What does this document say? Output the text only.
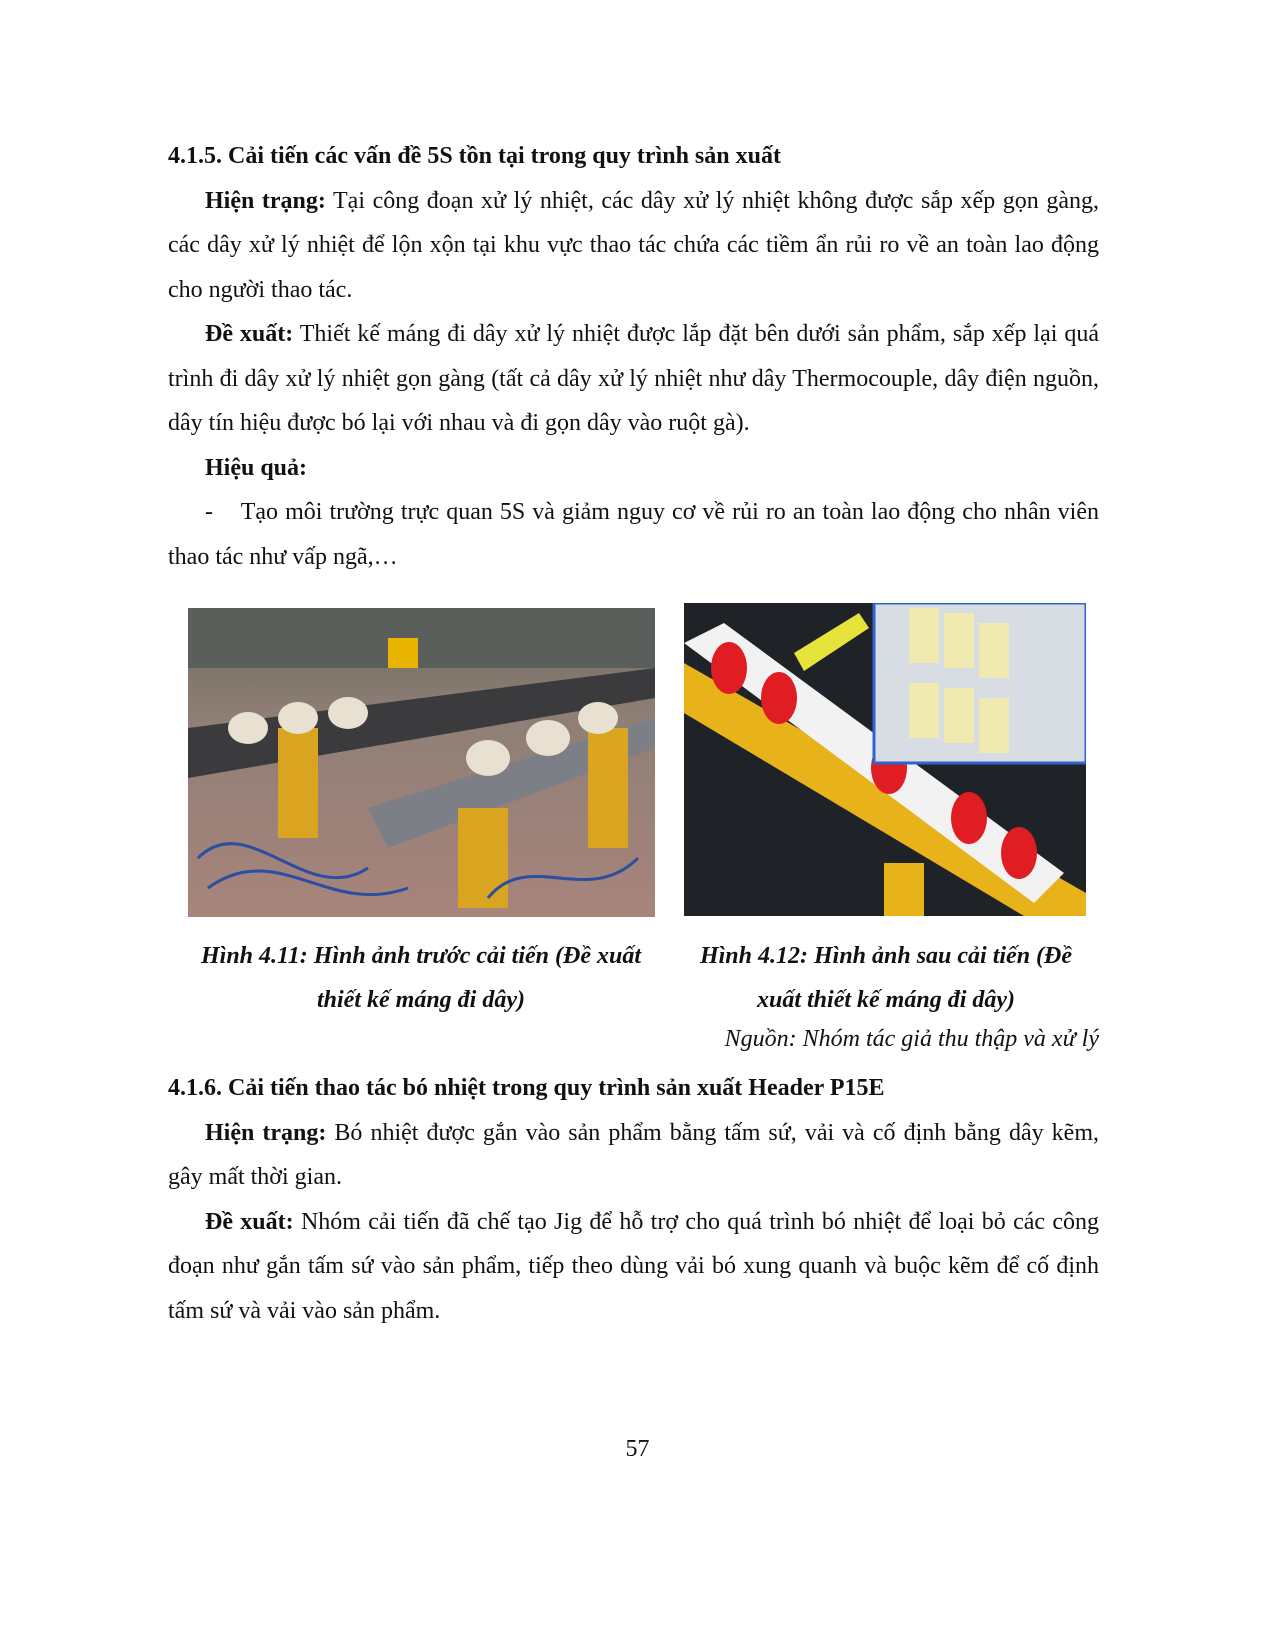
4.1.5. Cải tiến các vấn đề 5S tồn tại trong quy trình sản xuất
Hiện trạng: Tại công đoạn xử lý nhiệt, các dây xử lý nhiệt không được sắp xếp gọn gàng, các dây xử lý nhiệt để lộn xộn tại khu vực thao tác chứa các tiềm ẩn rủi ro về an toàn lao động cho người thao tác.
Đề xuất: Thiết kế máng đi dây xử lý nhiệt được lắp đặt bên dưới sản phẩm, sắp xếp lại quá trình đi dây xử lý nhiệt gọn gàng (tất cả dây xử lý nhiệt như dây Thermocouple, dây điện nguồn, dây tín hiệu được bó lại với nhau và đi gọn dây vào ruột gà).
Hiệu quả:
-    Tạo môi trường trực quan 5S và giảm nguy cơ về rủi ro an toàn lao động cho nhân viên thao tác như vấp ngã,…
Hình 4.11: Hình ảnh trước cải tiến (Đề xuất thiết kế máng đi dây)
Hình 4.12: Hình ảnh sau cải tiến (Đề xuất thiết kế máng đi dây)
Nguồn: Nhóm tác giả thu thập và xử lý
4.1.6. Cải tiến thao tác bó nhiệt trong quy trình sản xuất Header P15E
Hiện trạng: Bó nhiệt được gắn vào sản phẩm bằng tấm sứ, vải và cố định bằng dây kẽm, gây mất thời gian.
Đề xuất: Nhóm cải tiến đã chế tạo Jig để hỗ trợ cho quá trình bó nhiệt để loại bỏ các công đoạn như gắn tấm sứ vào sản phẩm, tiếp theo dùng vải bó xung quanh và buộc kẽm để cố định tấm sứ và vải vào sản phẩm.
57
